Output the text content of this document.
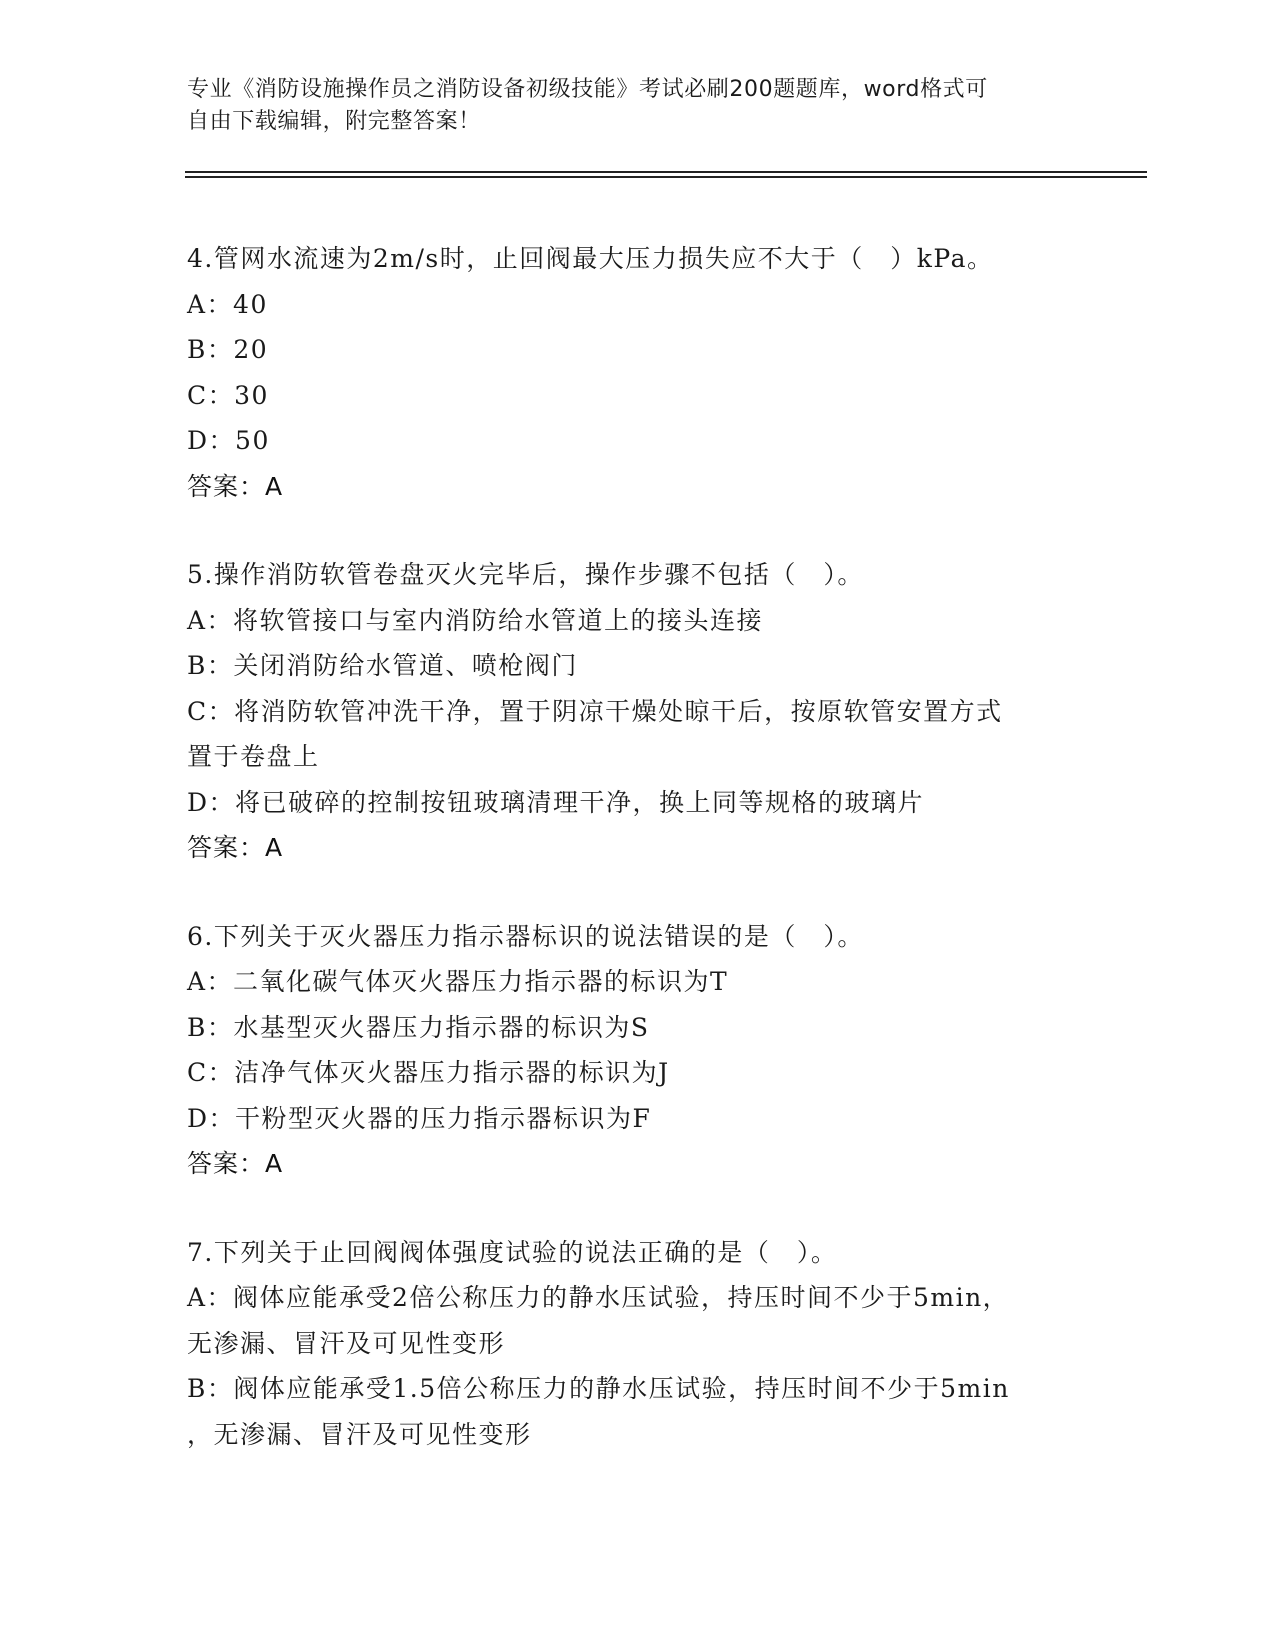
专业《消防设施操作员之消防设备初级技能》考试必刷200题题库，word格式可
自由下载编辑，附完整答案！
4.管网水流速为2m/s时，止回阀最大压力损失应不大于（　）kPa。
A：40
B：20
C：30
D：50
答案：A
5.操作消防软管卷盘灭火完毕后，操作步骤不包括（　）。
A：将软管接口与室内消防给水管道上的接头连接
B：关闭消防给水管道、喷枪阀门
C：将消防软管冲洗干净，置于阴凉干燥处晾干后，按原软管安置方式
置于卷盘上
D：将已破碎的控制按钮玻璃清理干净，换上同等规格的玻璃片
答案：A
6.下列关于灭火器压力指示器标识的说法错误的是（　）。
A：二氧化碳气体灭火器压力指示器的标识为T
B：水基型灭火器压力指示器的标识为S
C：洁净气体灭火器压力指示器的标识为J
D：干粉型灭火器的压力指示器标识为F
答案：A
7.下列关于止回阀阀体强度试验的说法正确的是（　）。
A：阀体应能承受2倍公称压力的静水压试验，持压时间不少于5min，
无渗漏、冒汗及可见性变形
B：阀体应能承受1.5倍公称压力的静水压试验，持压时间不少于5min
，无渗漏、冒汗及可见性变形
